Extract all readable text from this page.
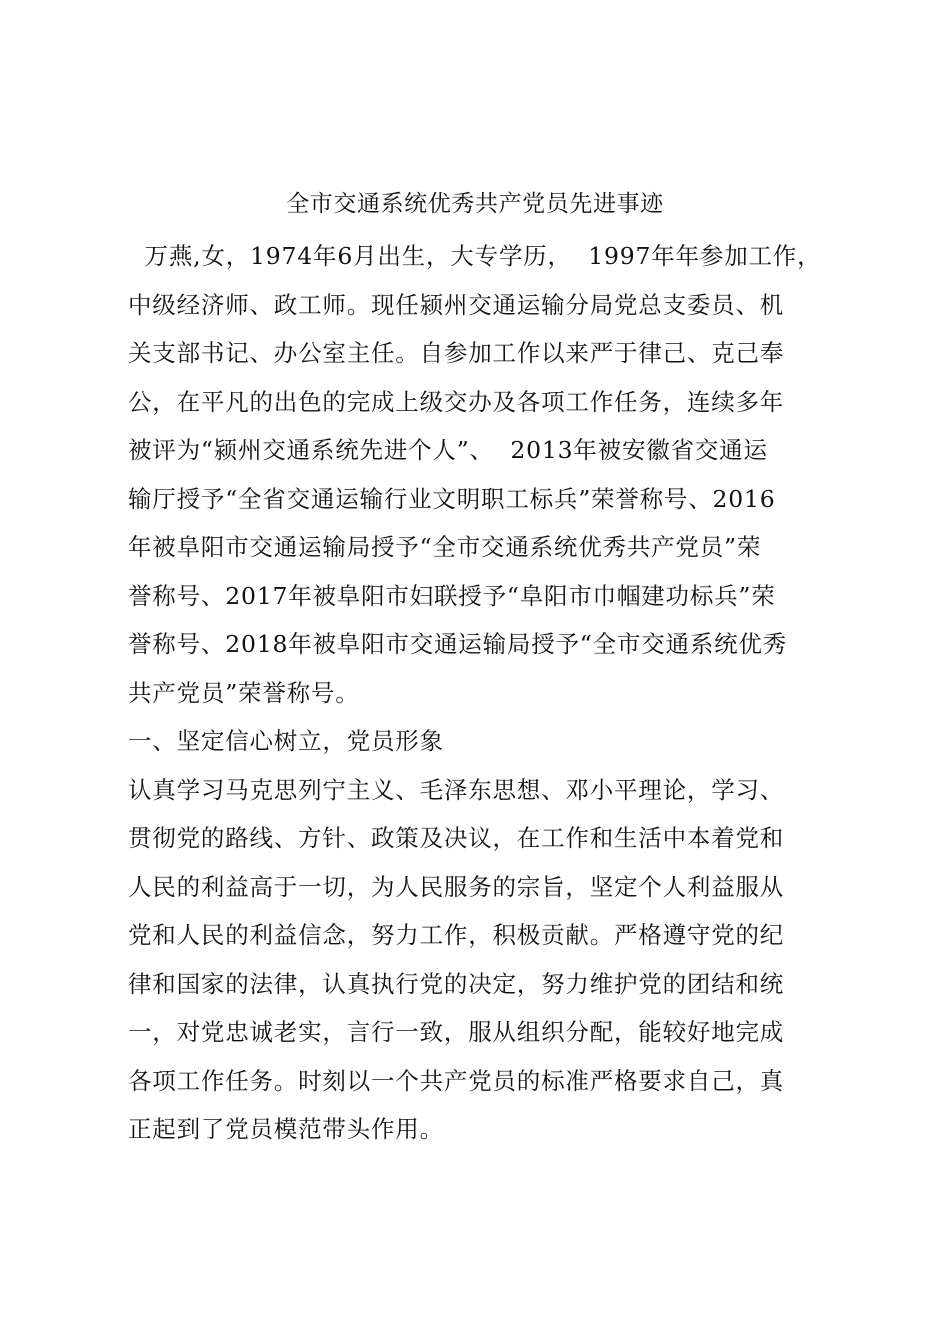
全市交通系统优秀共产党员先进事迹
万燕,女，1974年6月出生，大专学历，  1997年年参加工作，
中级经济师、政工师。现任颍州交通运输分局党总支委员、机
关支部书记、办公室主任。自参加工作以来严于律己、克己奉
公，在平凡的出色的完成上级交办及各项工作任务，连续多年
被评为“颍州交通系统先进个人”、  2013年被安徽省交通运
输厅授予“全省交通运输行业文明职工标兵”荣誉称号、2016
年被阜阳市交通运输局授予“全市交通系统优秀共产党员”荣
誉称号、2017年被阜阳市妇联授予“阜阳市巾帼建功标兵”荣
誉称号、2018年被阜阳市交通运输局授予“全市交通系统优秀
共产党员”荣誉称号。
一、坚定信心树立，党员形象
认真学习马克思列宁主义、毛泽东思想、邓小平理论，学习、
贯彻党的路线、方针、政策及决议，在工作和生活中本着党和
人民的利益高于一切，为人民服务的宗旨，坚定个人利益服从
党和人民的利益信念，努力工作，积极贡献。严格遵守党的纪
律和国家的法律，认真执行党的决定，努力维护党的团结和统
一，对党忠诚老实，言行一致，服从组织分配，能较好地完成
各项工作任务。时刻以一个共产党员的标准严格要求自己，真
正起到了党员模范带头作用。
